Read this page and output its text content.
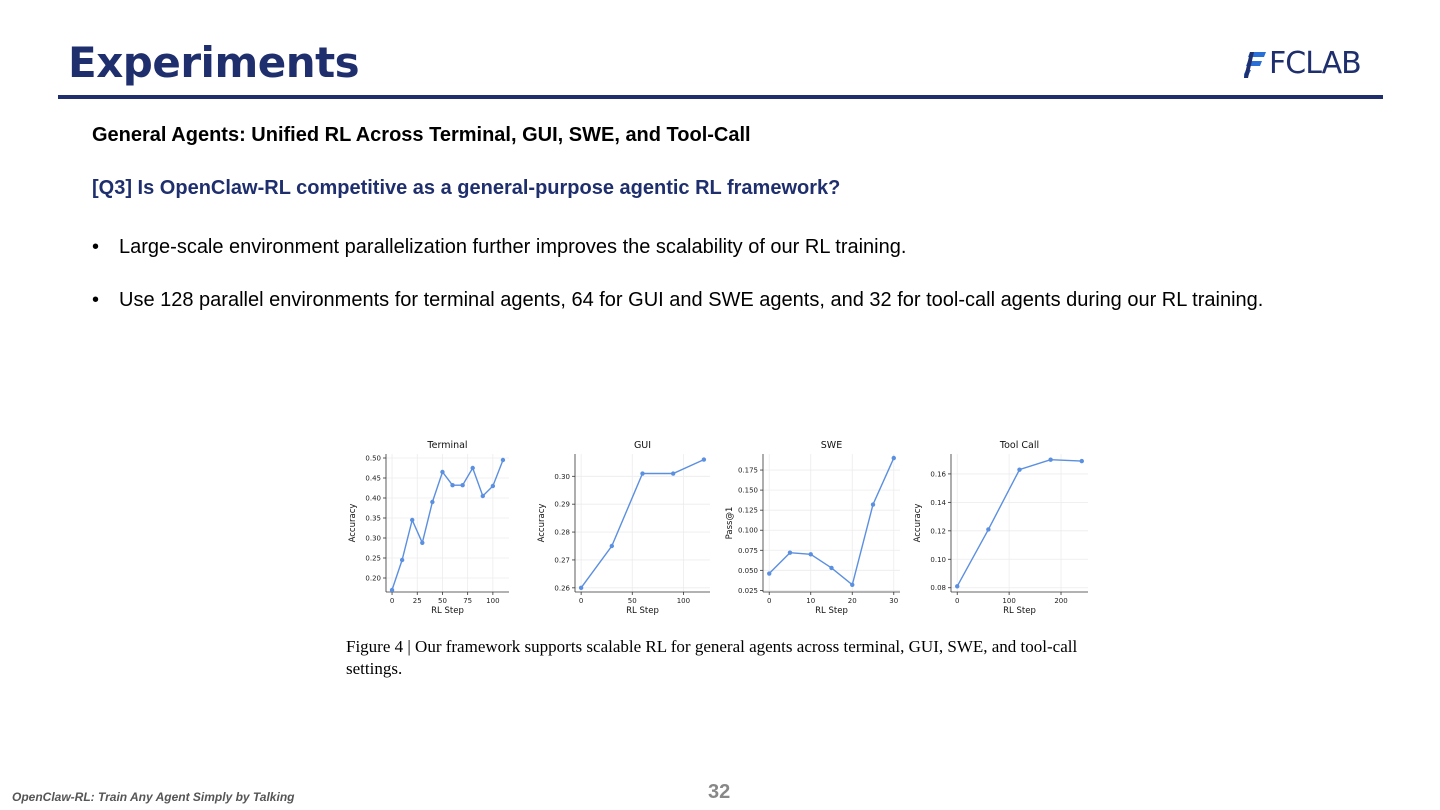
Experiments	FCLAB

General Agents: Unified RL Across Terminal, GUI, SWE, and Tool-Call

[Q3] Is OpenClaw-RL competitive as a general-purpose agentic RL framework?

• Large-scale environment parallelization further improves the scalability of our RL training.
• Use 128 parallel environments for terminal agents, 64 for GUI and SWE agents, and 32 for tool-call agents during our RL training.
0.20
0.25
0.30
0.35
0.40
0.45
0.50
0	25 50 75 100
Terminal
RL Step
Accuracy
0.26
0.27
0.28
0.29
0.30
0	50	100
GUI
RL Step
Accuracy
0.025
0.050
0.075
0.100
0.125
0.150
0.175
0	10	20	30
SWE
RL Step
Pass@1
0.08
0.10
0.12
0.14
0.16
0	100	200
Tool Call
RL Step
Accuracy

Figure 4 | Our framework supports scalable RL for general agents across terminal, GUI, SWE, and tool-call settings.

OpenClaw-RL: Train Any Agent Simply by Talking	32
